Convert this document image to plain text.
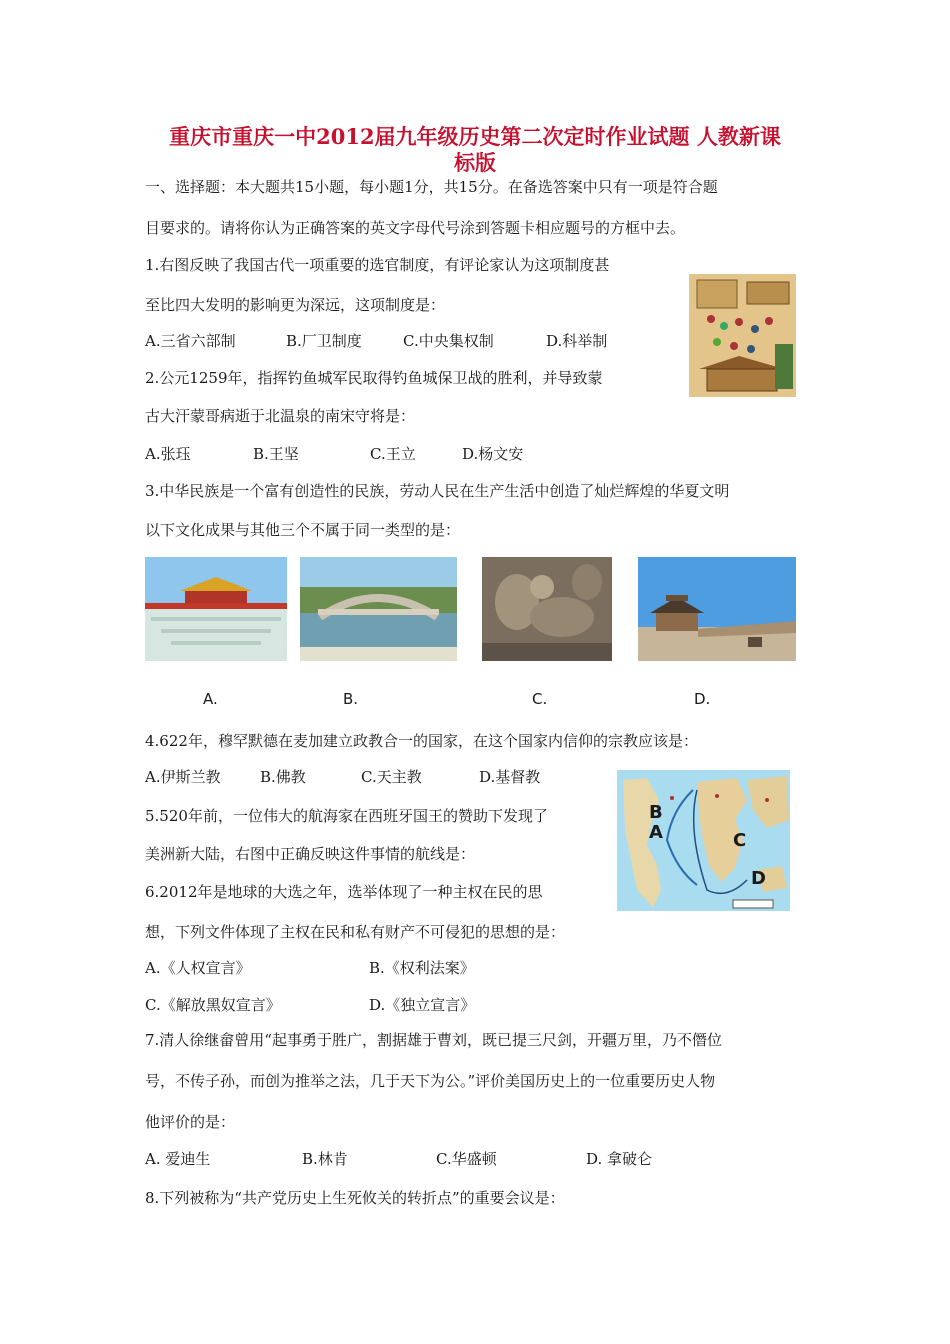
重庆市重庆一中2012届九年级历史第二次定时作业试题 人教新课
标版
一、选择题：本大题共15小题，每小题1分，共15分。在备选答案中只有一项是符合题
目要求的。请将你认为正确答案的英文字母代号涂到答题卡相应题号的方框中去。
1.右图反映了我国古代一项重要的选官制度，有评论家认为这项制度甚
至比四大发明的影响更为深远，这项制度是：
A.三省六部制	B.厂卫制度	C.中央集权制	D.科举制
2.公元1259年，指挥钓鱼城军民取得钓鱼城保卫战的胜利，并导致蒙
古大汗蒙哥病逝于北温泉的南宋守将是：
A.张珏	B.王坚	C.王立	D.杨文安
3.中华民族是一个富有创造性的民族，劳动人民在生产生活中创造了灿烂辉煌的华夏文明
以下文化成果与其他三个不属于同一类型的是：
A.	B.	C.	D.
4.622年，穆罕默德在麦加建立政教合一的国家，在这个国家内信仰的宗教应该是：
A.伊斯兰教	B.佛教	C.天主教	D.基督教
5.520年前，一位伟大的航海家在西班牙国王的赞助下发现了
美洲新大陆，右图中正确反映这件事情的航线是：
B
A	C
D
6.2012年是地球的大选之年，选举体现了一种主权在民的思
想，下列文件体现了主权在民和私有财产不可侵犯的思想的是：
A.《人权宣言》	B.《权利法案》
C.《解放黑奴宣言》	D.《独立宣言》
7.清人徐继畲曾用“起事勇于胜广，割据雄于曹刘，既已提三尺剑，开疆万里，乃不僭位
号，不传子孙，而创为推举之法，几于天下为公。”评价美国历史上的一位重要历史人物
他评价的是：
A. 爱迪生	B.林肯	C.华盛顿	D. 拿破仑
8.下列被称为“共产党历史上生死攸关的转折点”的重要会议是：
